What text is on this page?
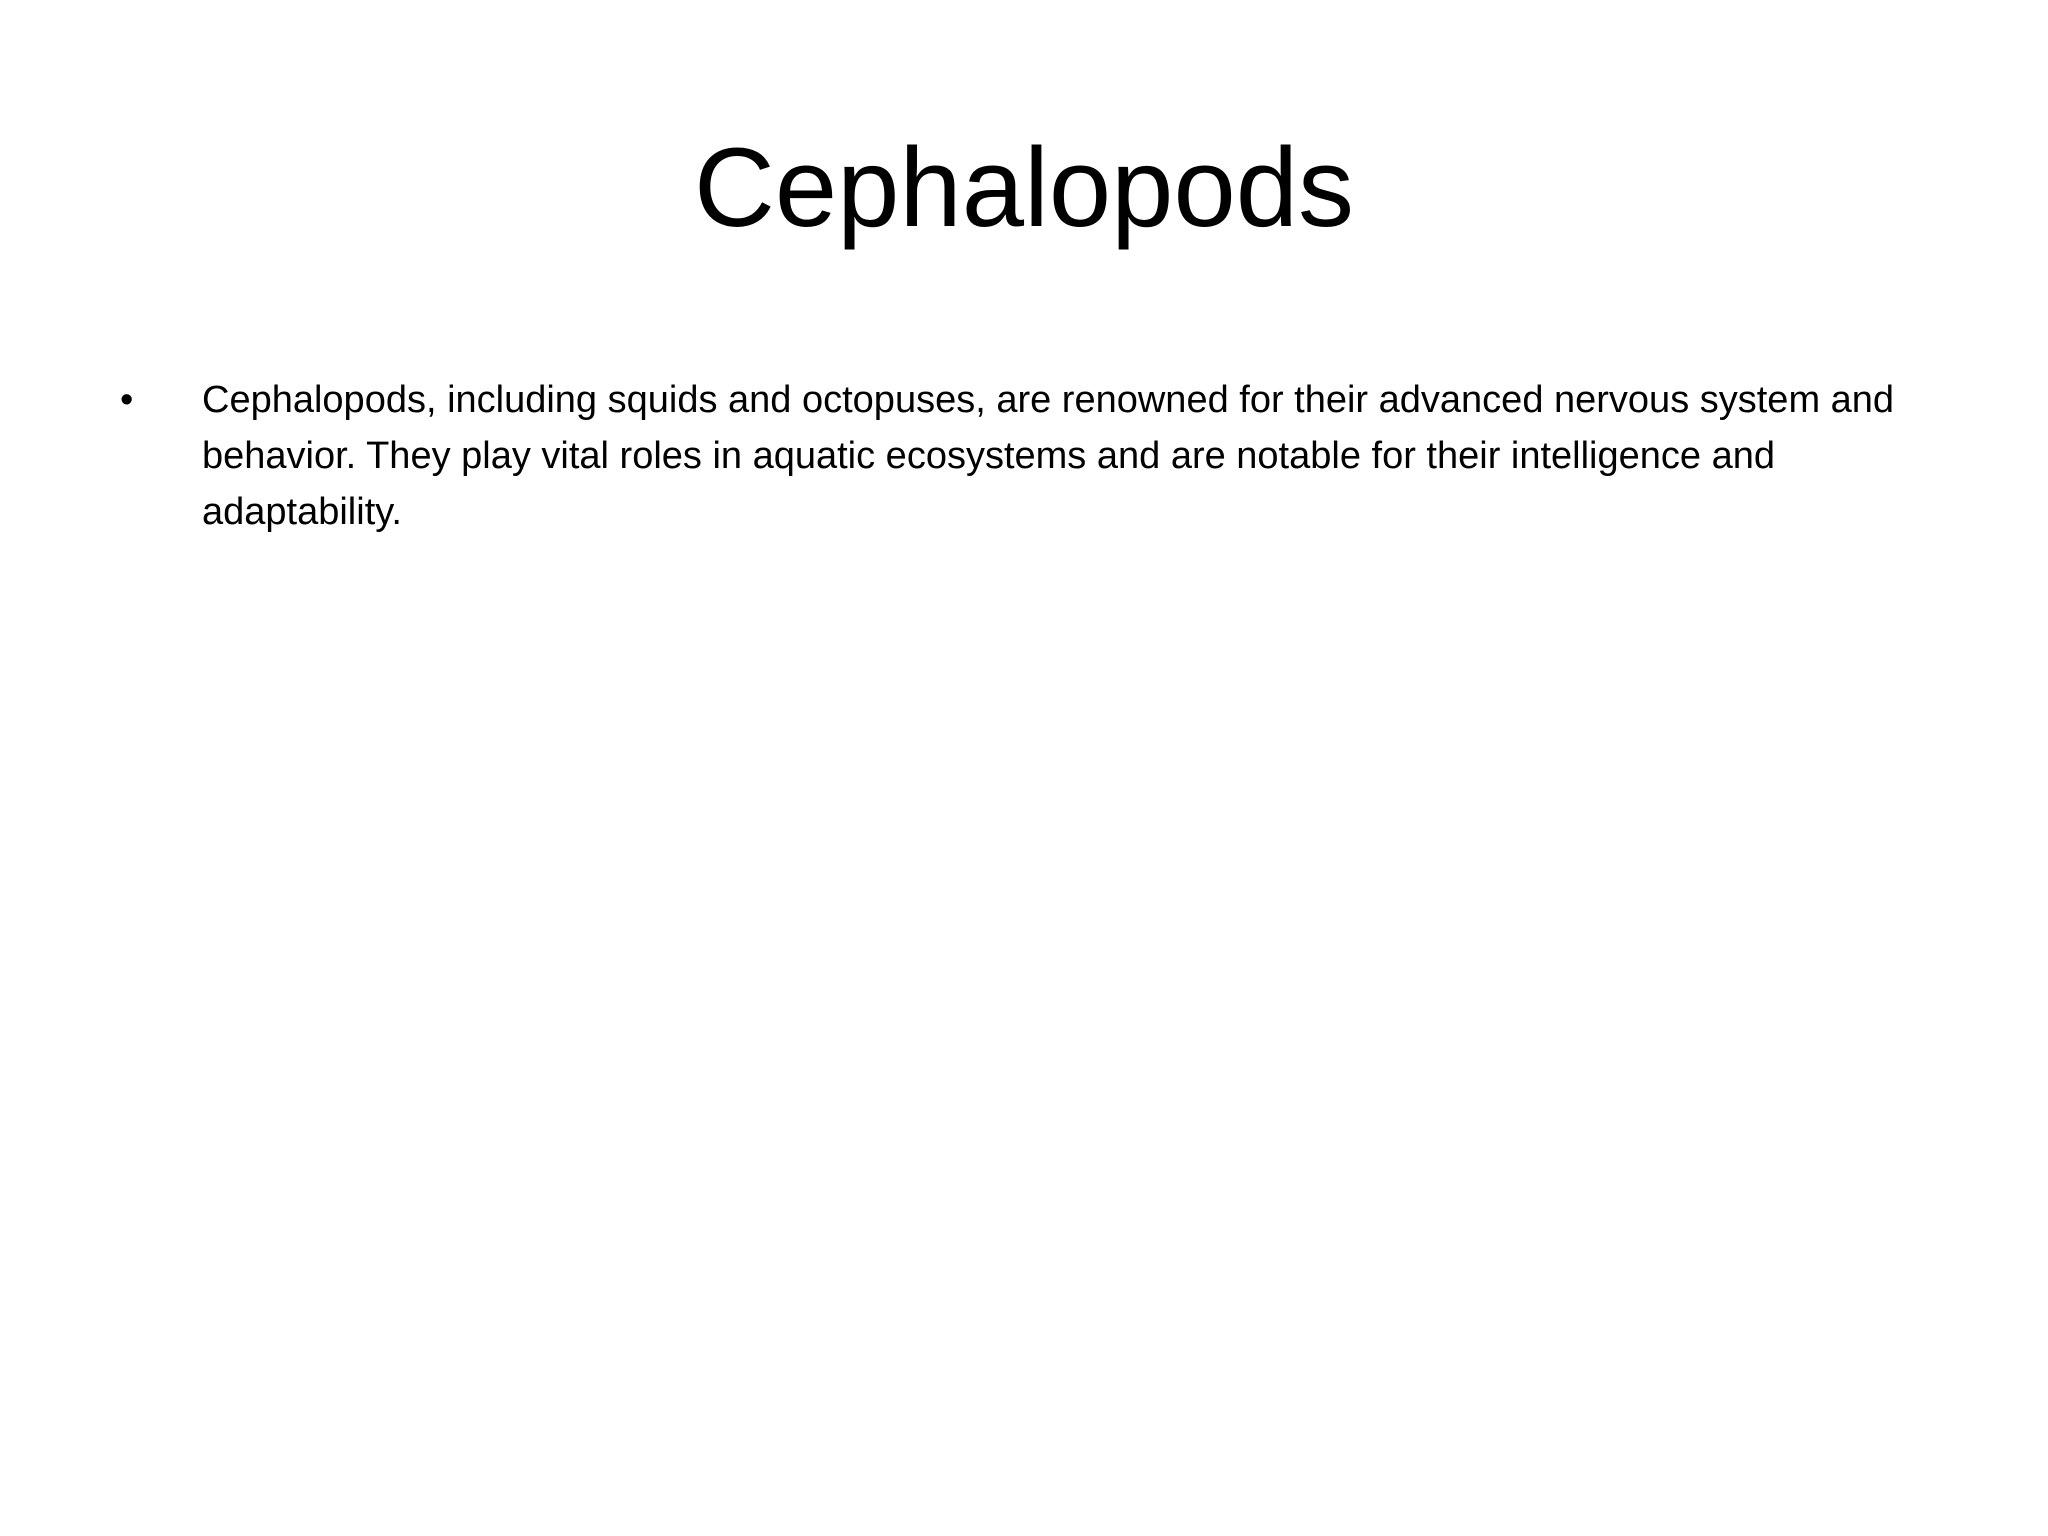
Cephalopods
•	Cephalopods, including squids and octopuses, are renowned for their advanced nervous system and behavior. They play vital roles in aquatic ecosystems and are notable for their intelligence and adaptability.
